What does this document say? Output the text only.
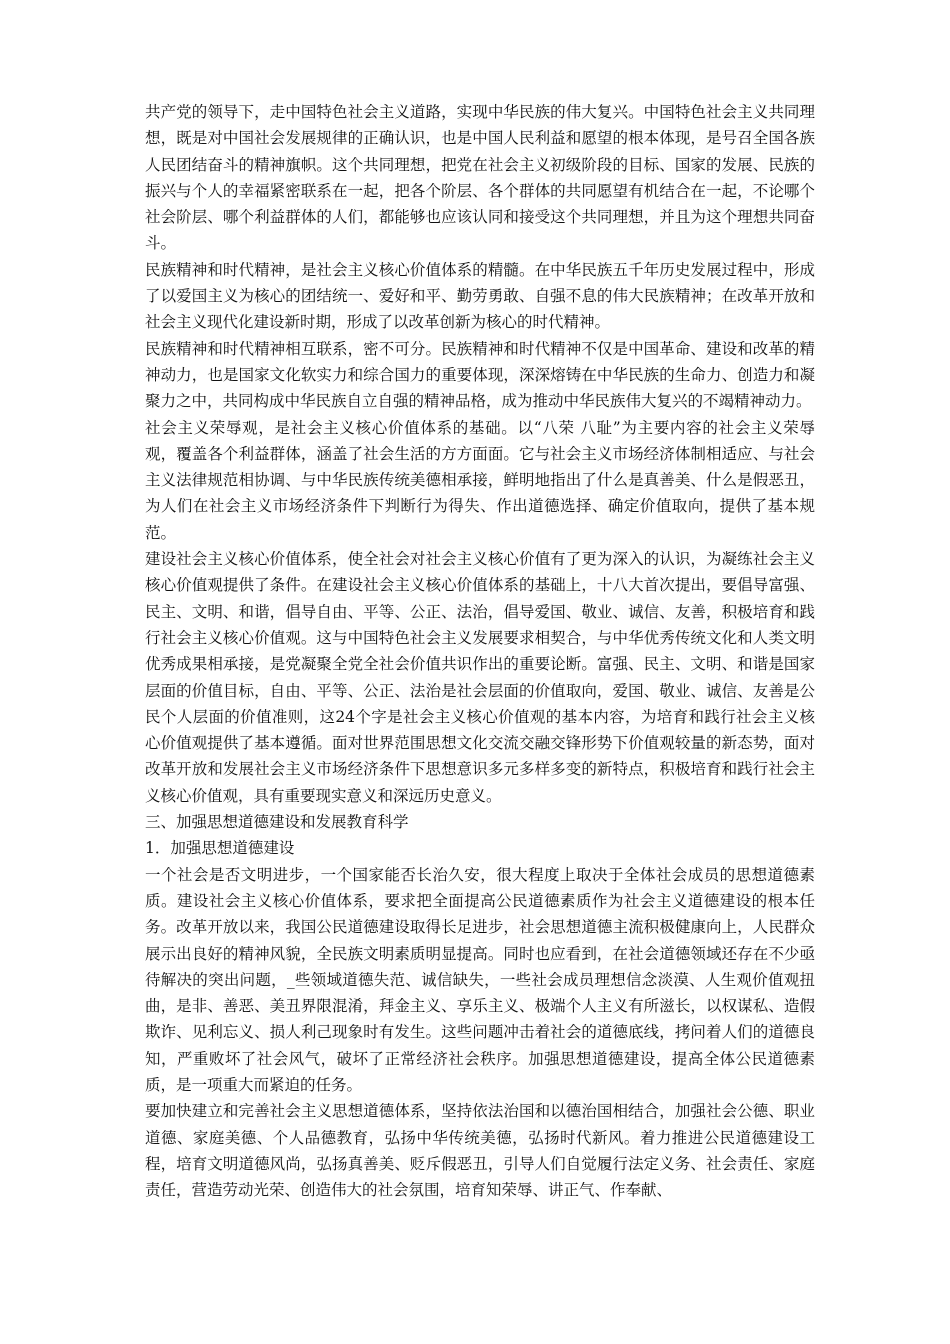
共产党的领导下，走中国特色社会主义道路，实现中华民族的伟大复兴。中国特色社会主义共同理想，既是对中国社会发展规律的正确认识，也是中国人民利益和愿望的根本体现，是号召全国各族人民团结奋斗的精神旗帜。这个共同理想，把党在社会主义初级阶段的目标、国家的发展、民族的振兴与个人的幸福紧密联系在一起，把各个阶层、各个群体的共同愿望有机结合在一起，不论哪个社会阶层、哪个利益群体的人们，都能够也应该认同和接受这个共同理想，并且为这个理想共同奋斗。

民族精神和时代精神，是社会主义核心价值体系的精髓。在中华民族五千年历史发展过程中，形成了以爱国主义为核心的团结统一、爱好和平、勤劳勇敢、自强不息的伟大民族精神；在改革开放和社会主义现代化建设新时期，形成了以改革创新为核心的时代精神。

民族精神和时代精神相互联系，密不可分。民族精神和时代精神不仅是中国革命、建设和改革的精神动力，也是国家文化软实力和综合国力的重要体现，深深熔铸在中华民族的生命力、创造力和凝聚力之中，共同构成中华民族自立自强的精神品格，成为推动中华民族伟大复兴的不竭精神动力。

社会主义荣辱观，是社会主义核心价值体系的基础。以“八荣 八耻”为主要内容的社会主义荣辱观，覆盖各个利益群体，涵盖了社会生活的方方面面。它与社会主义市场经济体制相适应、与社会主义法律规范相协调、与中华民族传统美德相承接，鲜明地指出了什么是真善美、什么是假恶丑，为人们在社会主义市场经济条件下判断行为得失、作出道德选择、确定价值取向，提供了基本规范。

建设社会主义核心价值体系，使全社会对社会主义核心价值有了更为深入的认识，为凝练社会主义核心价值观提供了条件。在建设社会主义核心价值体系的基础上，十八大首次提出，要倡导富强、民主、文明、和谐，倡导自由、平等、公正、法治，倡导爱国、敬业、诚信、友善，积极培育和践行社会主义核心价值观。这与中国特色社会主义发展要求相契合，与中华优秀传统文化和人类文明优秀成果相承接，是党凝聚全党全社会价值共识作出的重要论断。富强、民主、文明、和谐是国家层面的价值目标，自由、平等、公正、法治是社会层面的价值取向，爱国、敬业、诚信、友善是公民个人层面的价值准则，这24个字是社会主义核心价值观的基本内容，为培育和践行社会主义核心价值观提供了基本遵循。面对世界范围思想文化交流交融交锋形势下价值观较量的新态势，面对改革开放和发展社会主义市场经济条件下思想意识多元多样多变的新特点，积极培育和践行社会主义核心价值观，具有重要现实意义和深远历史意义。

三、加强思想道德建设和发展教育科学

1．加强思想道德建设

一个社会是否文明进步，一个国家能否长治久安，很大程度上取决于全体社会成员的思想道德素质。建设社会主义核心价值体系，要求把全面提高公民道德素质作为社会主义道德建设的根本任务。改革开放以来，我国公民道德建设取得长足进步，社会思想道德主流积极健康向上，人民群众展示出良好的精神风貌，全民族文明素质明显提高。同时也应看到，在社会道德领域还存在不少亟待解决的突出问题，_些领域道德失范、诚信缺失，一些社会成员理想信念淡漠、人生观价值观扭曲，是非、善恶、美丑界限混淆，拜金主义、享乐主义、极端个人主义有所滋长，以权谋私、造假欺诈、见利忘义、损人利己现象时有发生。这些问题冲击着社会的道德底线，拷问着人们的道德良知，严重败坏了社会风气，破坏了正常经济社会秩序。加强思想道德建设，提高全体公民道德素质，是一项重大而紧迫的任务。

要加快建立和完善社会主义思想道德体系，坚持依法治国和以德治国相结合，加强社会公德、职业道德、家庭美德、个人品德教育，弘扬中华传统美德，弘扬时代新风。着力推进公民道德建设工程，培育文明道德风尚，弘扬真善美、贬斥假恶丑，引导人们自觉履行法定义务、社会责任、家庭责任，营造劳动光荣、创造伟大的社会氛围，培育知荣辱、讲正气、作奉献、
